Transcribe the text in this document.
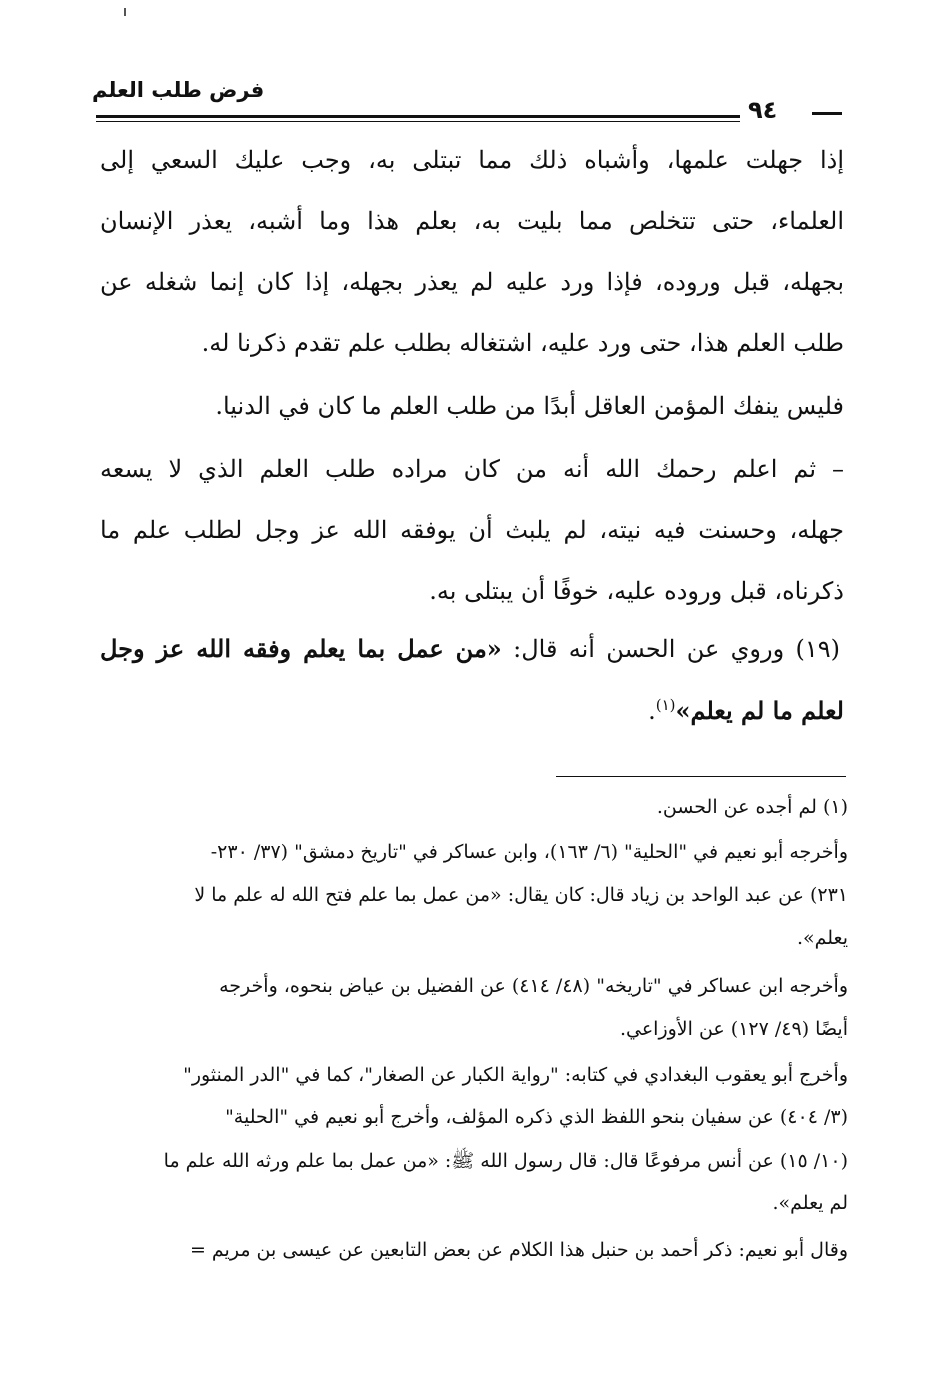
فرض طلب العلم
٩٤
إذا جهلت علمها، وأشباه ذلك مما تبتلى به، وجب عليك السعي إلى
العلماء، حتى تتخلص مما بليت به، بعلم هذا وما أشبه، يعذر الإنسان
بجهله، قبل وروده، فإذا ورد عليه لم يعذر بجهله، إذا كان إنما شغله عن
طلب العلم هذا، حتى ورد عليه، اشتغاله بطلب علم تقدم ذكرنا له.
فليس ينفك المؤمن العاقل أبدًا من طلب العلم ما كان في الدنيا.
– ثم اعلم رحمك الله أنه من كان مراده طلب العلم الذي لا يسعه
جهله، وحسنت فيه نيته، لم يلبث أن يوفقه الله عز وجل لطلب علم ما
ذكرناه، قبل وروده عليه، خوفًا أن يبتلى به.
(١٩) وروي عن الحسن أنه قال: «من عمل بما يعلم وفقه الله عز وجل
لعلم ما لم يعلم»$^{(١)}$.
(١) لم أجده عن الحسن.
وأخرجه أبو نعيم في "الحلية" (٦/ ١٦٣)، وابن عساكر في "تاريخ دمشق" (٣٧/ ٢٣٠-
٢٣١) عن عبد الواحد بن زياد قال: كان يقال: «من عمل بما علم فتح الله له علم ما لا
يعلم».
وأخرجه ابن عساكر في "تاريخه" (٤٨/ ٤١٤) عن الفضيل بن عياض بنحوه، وأخرجه
أيضًا (٤٩/ ١٢٧) عن الأوزاعي.
وأخرج أبو يعقوب البغدادي في كتابه: "رواية الكبار عن الصغار"، كما في "الدر المنثور"
(٣/ ٤٠٤) عن سفيان بنحو اللفظ الذي ذكره المؤلف، وأخرج أبو نعيم في "الحلية"
(١٠/ ١٥) عن أنس مرفوعًا قال: قال رسول الله ﷺ: «من عمل بما علم ورثه الله علم ما
لم يعلم».
وقال أبو نعيم: ذكر أحمد بن حنبل هذا الكلام عن بعض التابعين عن عيسى بن مريم =
